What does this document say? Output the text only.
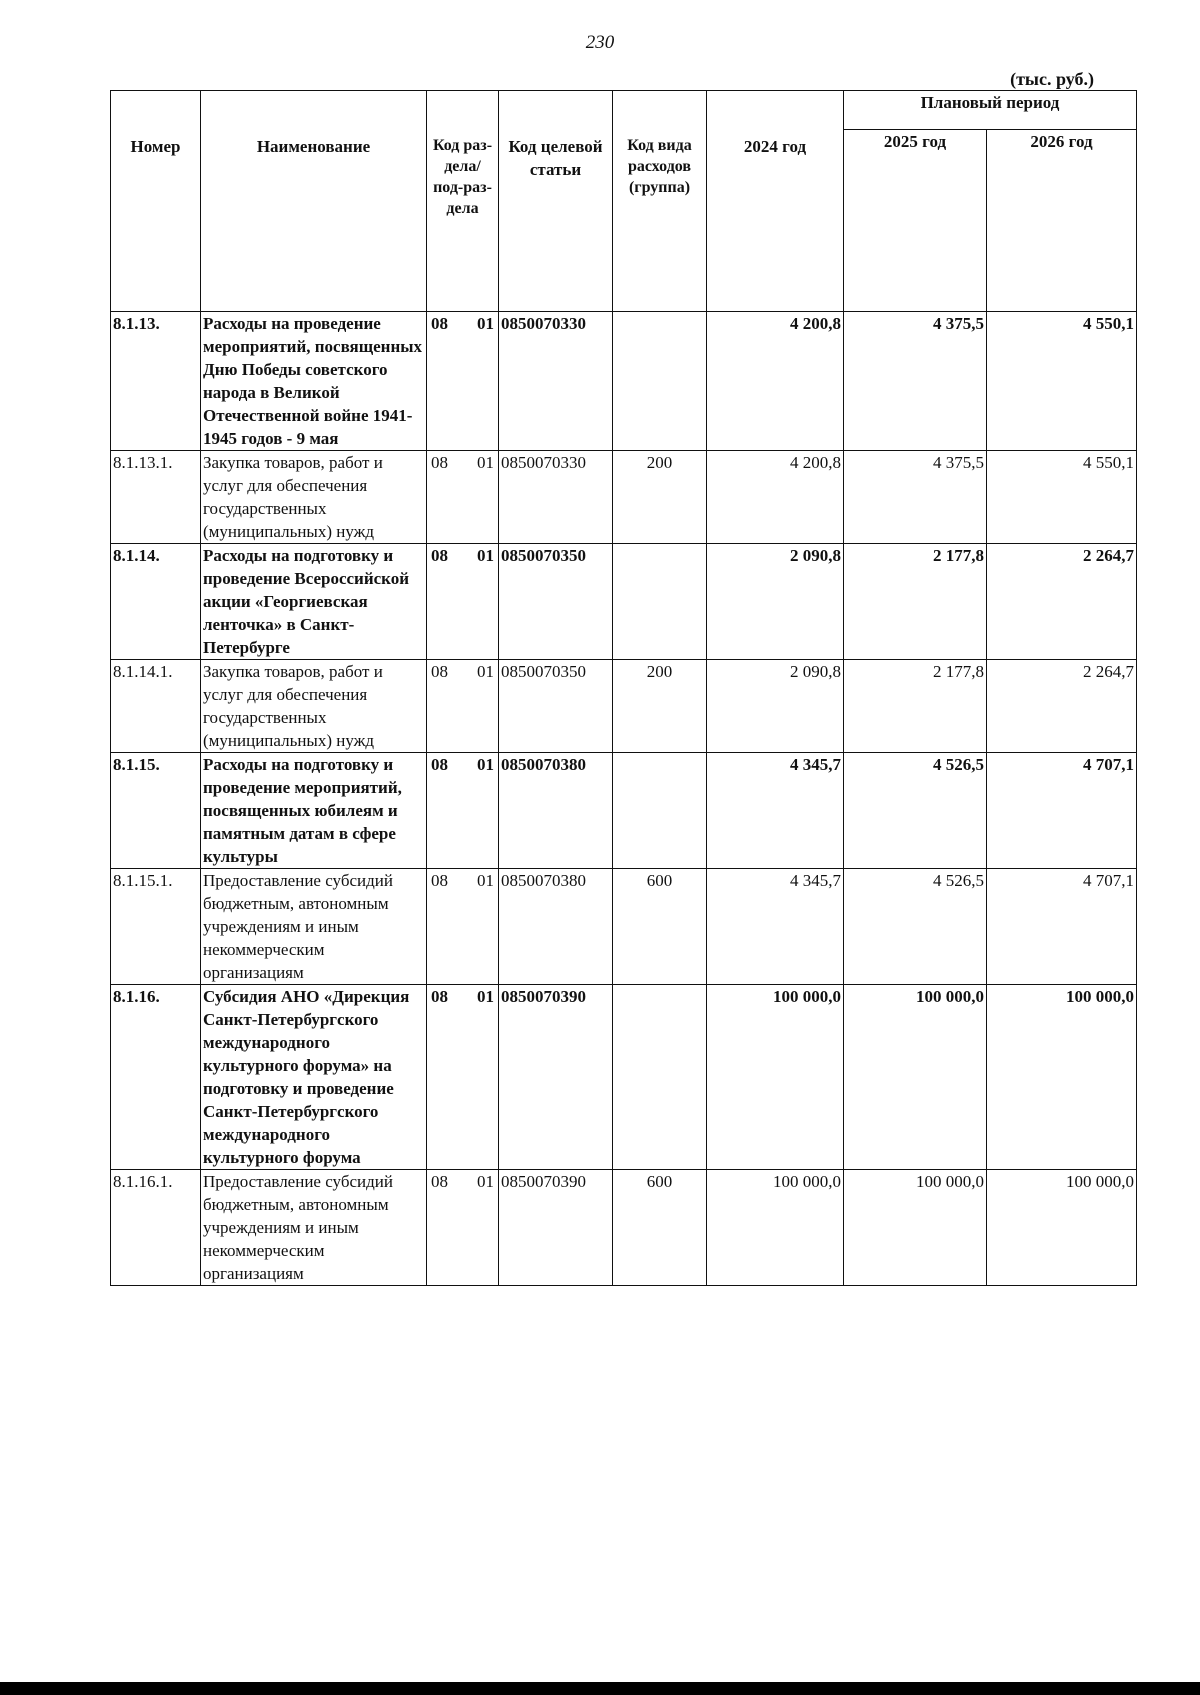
230
(тыс. руб.)
Номер	Наименование	Код раз-дела/ под-раз-дела	Код целевой статьи	Код вида расходов (группа)	2024 год	Плановый период	
						2025 год	2026 год
8.1.13.	Расходы на проведение мероприятий, посвященных Дню Победы советского народа в Великой Отечественной войне 1941-1945 годов - 9 мая	08 01	0850070330		4 200,8	4 375,5	4 550,1
8.1.13.1.	Закупка товаров, работ и услуг для обеспечения государственных (муниципальных) нужд	08 01	0850070330	200	4 200,8	4 375,5	4 550,1
8.1.14.	Расходы на подготовку и проведение Всероссийской акции «Георгиевская ленточка» в Санкт-Петербурге	08 01	0850070350		2 090,8	2 177,8	2 264,7
8.1.14.1.	Закупка товаров, работ и услуг для обеспечения государственных (муниципальных) нужд	08 01	0850070350	200	2 090,8	2 177,8	2 264,7
8.1.15.	Расходы на подготовку и проведение мероприятий, посвященных юбилеям и памятным датам в сфере культуры	08 01	0850070380		4 345,7	4 526,5	4 707,1
8.1.15.1.	Предоставление субсидий бюджетным, автономным учреждениям и иным некоммерческим организациям	08 01	0850070380	600	4 345,7	4 526,5	4 707,1
8.1.16.	Субсидия АНО «Дирекция Санкт-Петербургского международного культурного форума» на подготовку и проведение Санкт-Петербургского международного культурного форума	08 01	0850070390		100 000,0	100 000,0	100 000,0
8.1.16.1.	Предоставление субсидий бюджетным, автономным учреждениям и иным некоммерческим организациям	08 01	0850070390	600	100 000,0	100 000,0	100 000,0
